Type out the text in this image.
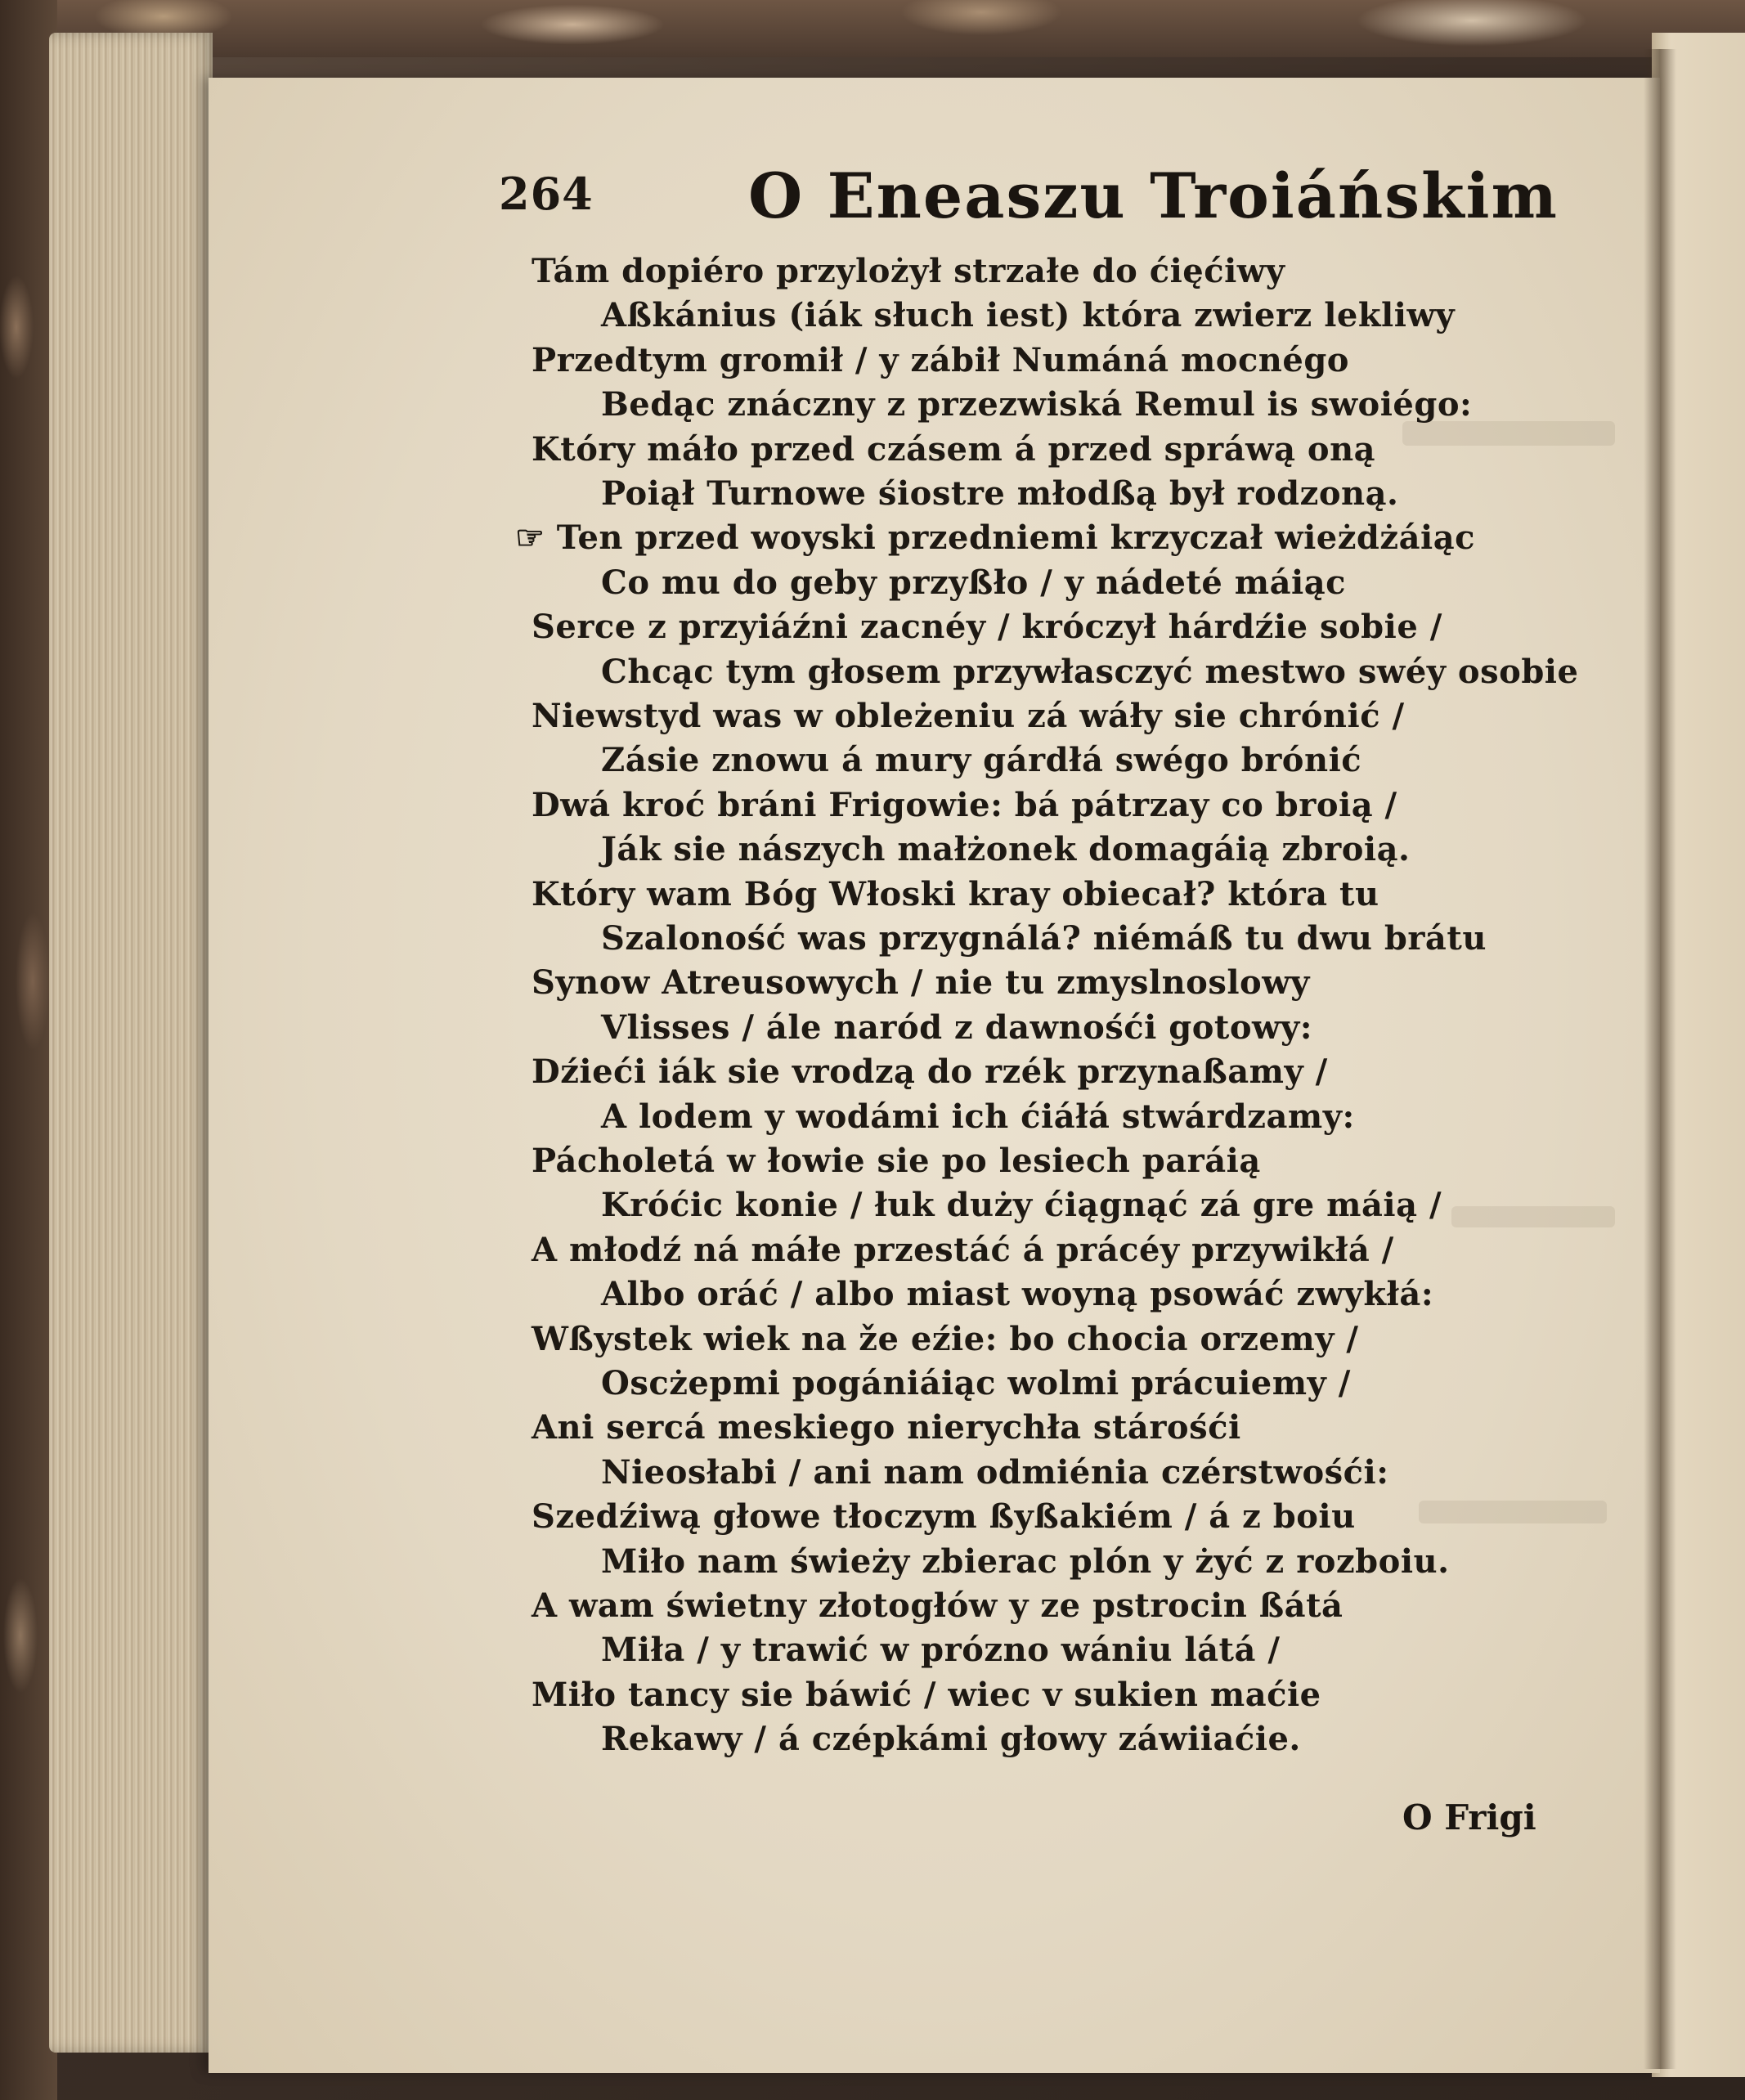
264 O Eneaszu Troiáńskim
Tám dopiéro przylożył strzałe do ćięćiwy
Aßkánius (iák słuch iest) która zwierz lekliwy
Przedtym gromił / y zábił Numáná mocnégo
Bedąc znáczny z przezwiská Remul is swoiégo:
Który máło przed czásem á przed spráwą oną
Poiął Turnowe śiostre młodßą był rodzoną.
☞ Ten przed woyski przedniemi krzyczał wieżdżáiąc
Co mu do geby przyßło / y nádeté máiąc
Serce z przyiáźni zacnéy / króczył hárdźie sobie /
Chcąc tym głosem przywłasczyć mestwo swéy osobie
Niewstyd was w obleżeniu zá wáły sie chrónić /
Zásie znowu á mury gárdłá swégo brónić
Dwá kroć bráni Frigowie: bá pátrzay co broią /
Ják sie nászych małżonek domagáią zbroią.
Który wam Bóg Włoski kray obiecał? która tu
Szaloność was przygnálá? niémáß tu dwu brátu
Synow Atreusowych / nie tu zmyslnoslowy
Vlisses / ále naród z dawnośći gotowy:
Dźieći iák sie vrodzą do rzék przynaßamy /
A lodem y wodámi ich ćiáłá stwárdzamy:
Pácholetá w łowie sie po lesiech paráią
Króćic konie / łuk duży ćiągnąć zá gre máią /
A młodź ná máłe przestáć á prácéy przywikłá /
Albo oráć / albo miast woyną psowáć zwykłá:
Wßystek wiek na že eźie: bo chocia orzemy /
Oscżepmi pogániáiąc wolmi prácuiemy /
Ani sercá meskiego nierychła stárośći
Nieosłabi / ani nam odmiénia czérstwośći:
Szedźiwą głowe tłoczym ßyßakiém / á z boiu
Miło nam świeży zbierac plón y żyć z rozboiu.
A wam świetny złotogłów y ze pstrocin ßátá
Miła / y trawić w prózno wániu látá /
Miło tancy sie báwić / wiec v sukien maćie
Rekawy / á czépkámi głowy záwiiaćie.
O Frigi
